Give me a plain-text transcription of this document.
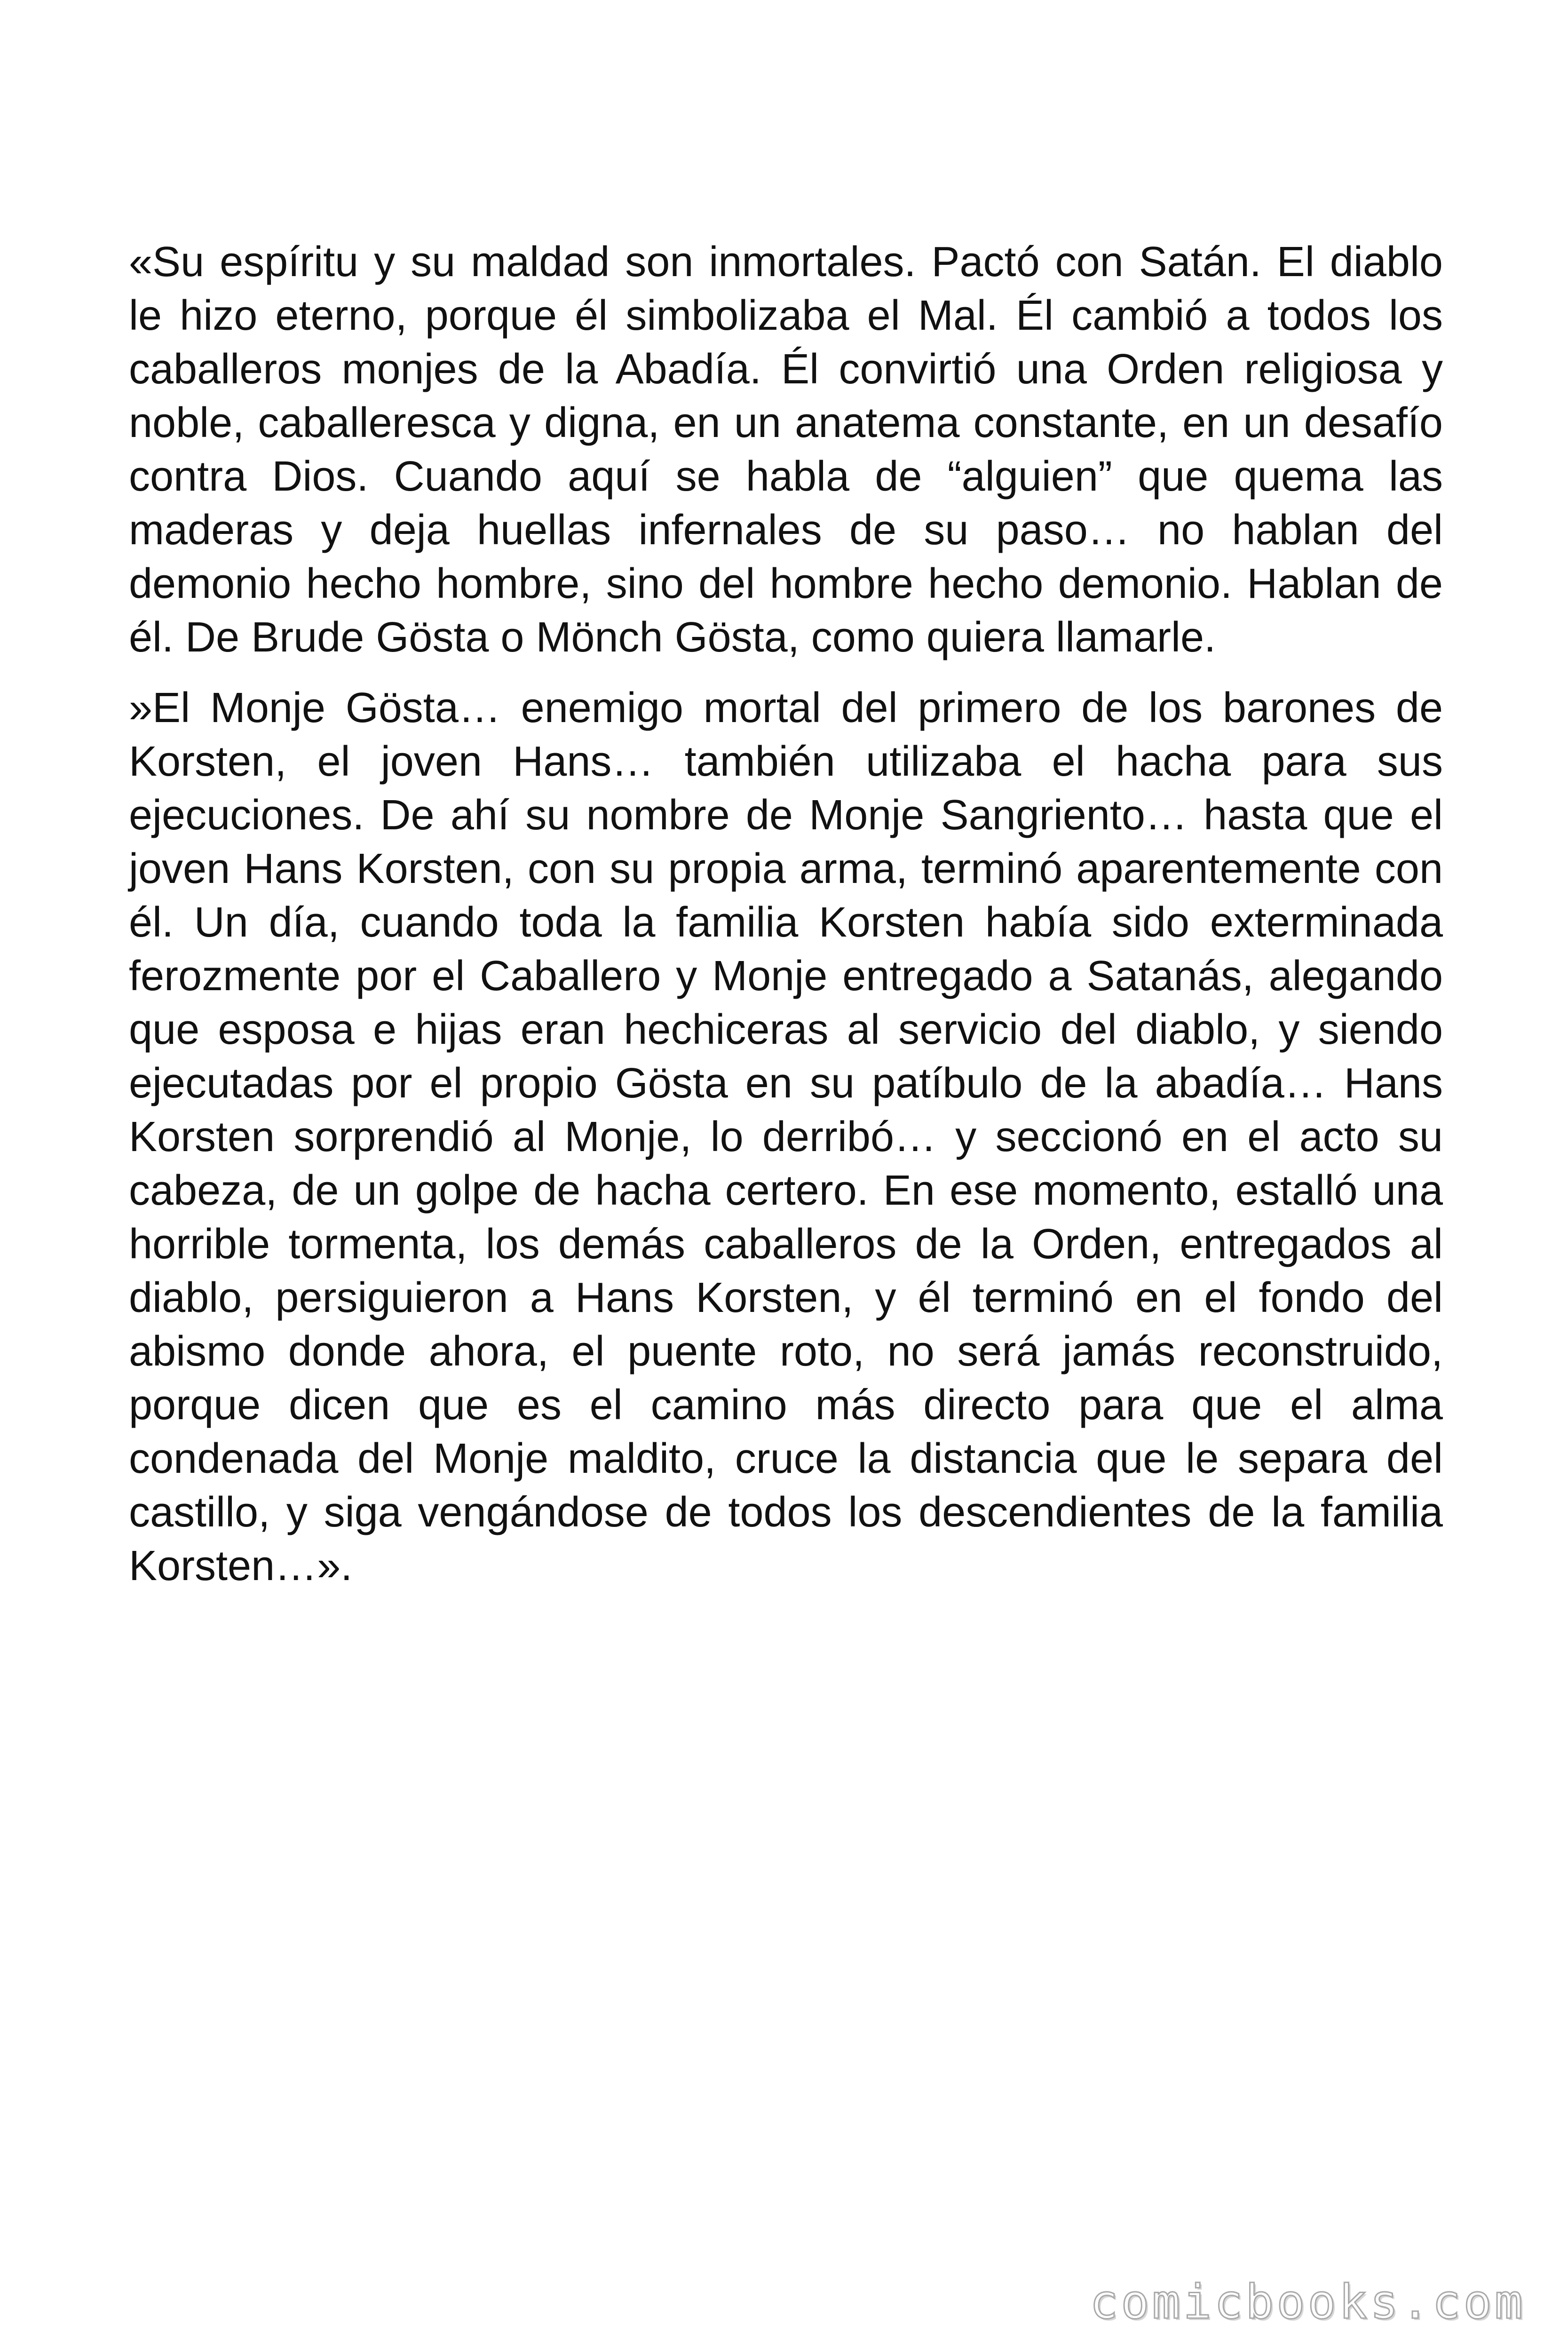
«Su espíritu y su maldad son inmortales. Pactó con Satán. El diablo le hizo eterno, porque él simbolizaba el Mal. Él cambió a todos los caballeros monjes de la Abadía. Él convirtió una Orden religiosa y noble, caballeresca y digna, en un anatema constante, en un desafío contra Dios. Cuando aquí se habla de “alguien” que quema las maderas y deja huellas infernales de su paso… no hablan del demonio hecho hombre, sino del hombre hecho demonio. Hablan de él. De Brude Gösta o Mönch Gösta, como quiera llamarle.

»El Monje Gösta… enemigo mortal del primero de los barones de Korsten, el joven Hans… también utilizaba el hacha para sus ejecuciones. De ahí su nombre de Monje Sangriento… hasta que el joven Hans Korsten, con su propia arma, terminó aparentemente con él. Un día, cuando toda la familia Korsten había sido exterminada ferozmente por el Caballero y Monje entregado a Satanás, alegando que esposa e hijas eran hechiceras al servicio del diablo, y siendo ejecutadas por el propio Gösta en su patíbulo de la abadía… Hans Korsten sorprendió al Monje, lo derribó… y seccionó en el acto su cabeza, de un golpe de hacha certero. En ese momento, estalló una horrible tormenta, los demás caballeros de la Orden, entregados al diablo, persiguieron a Hans Korsten, y él terminó en el fondo del abismo donde ahora, el puente roto, no será jamás reconstruido, porque dicen que es el camino más directo para que el alma condenada del Monje maldito, cruce la distancia que le separa del castillo, y siga vengándose de todos los descendientes de la familia Korsten…».

comicbooks.com
